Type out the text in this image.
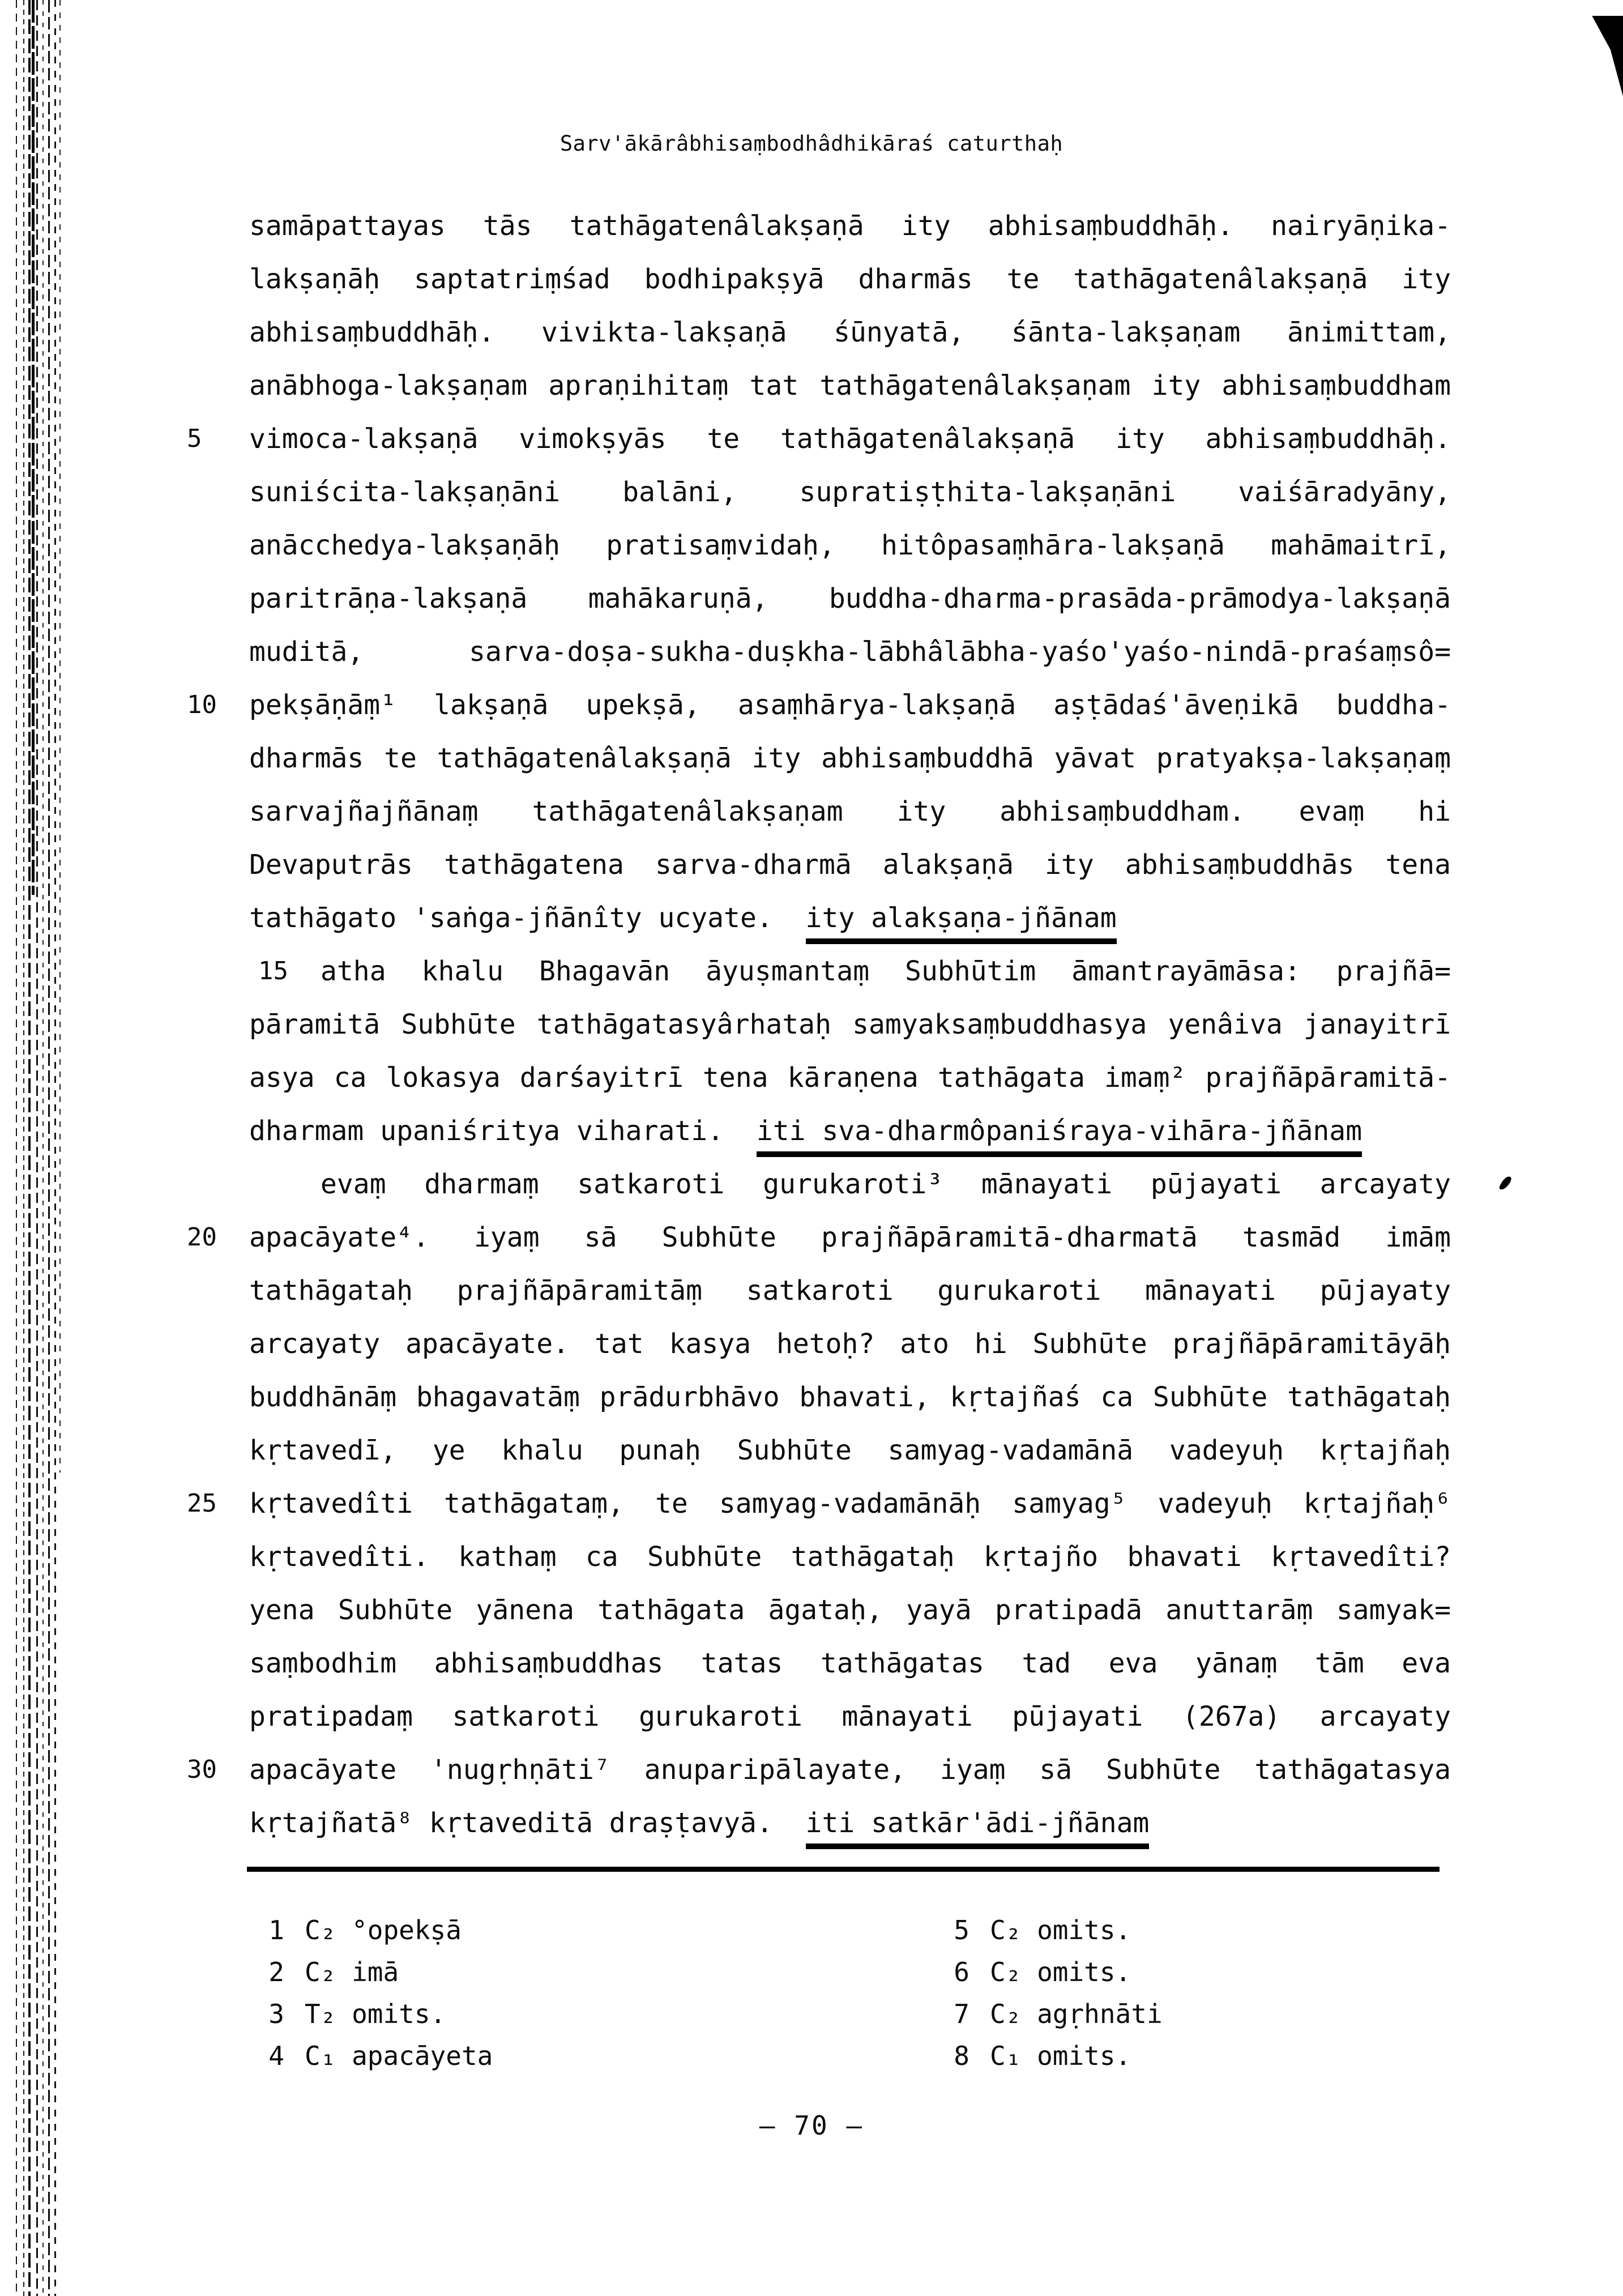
Sarv'ākārâbhisaṃbodhâdhikāraś caturthaḥ
samāpattayas tās tathāgatenâlakṣaṇā ity abhisaṃbuddhāḥ. nairyāṇika-
lakṣaṇāḥ saptatriṃśad bodhipakṣyā dharmās te tathāgatenâlakṣaṇā ity
abhisaṃbuddhāḥ. vivikta-lakṣaṇā śūnyatā, śānta-lakṣaṇam ānimittam,
anābhoga-lakṣaṇam apraṇihitaṃ tat tathāgatenâlakṣaṇam ity abhisaṃbuddham
5	vimoca-lakṣaṇā vimokṣyās te tathāgatenâlakṣaṇā ity abhisaṃbuddhāḥ.
suniścita-lakṣaṇāni balāni, supratiṣṭhita-lakṣaṇāni vaiśāradyāny,
anācchedya-lakṣaṇāḥ pratisaṃvidaḥ, hitôpasaṃhāra-lakṣaṇā mahāmaitrī,
paritrāṇa-lakṣaṇā mahākaruṇā, buddha-dharma-prasāda-prāmodya-lakṣaṇā
muditā, sarva-doṣa-sukha-duṣkha-lābhâlābha-yaśo'yaśo-nindā-praśaṃsô=
10	pekṣāṇāṃ¹ lakṣaṇā upekṣā, asaṃhārya-lakṣaṇā aṣṭādaś'āveṇikā buddha-
dharmās te tathāgatenâlakṣaṇā ity abhisaṃbuddhā yāvat pratyakṣa-lakṣaṇaṃ
sarvajñajñānaṃ tathāgatenâlakṣaṇam ity abhisaṃbuddham. evaṃ hi
Devaputrās tathāgatena sarva-dharmā alakṣaṇā ity abhisaṃbuddhās tena
tathāgato 'saṅga-jñānîty ucyate.  ity alakṣaṇa-jñānam
15 atha khalu Bhagavān āyuṣmantaṃ Subhūtim āmantrayāmāsa: prajñā=
pāramitā Subhūte tathāgatasyârhataḥ samyaksaṃbuddhasya yenâiva janayitrī
asya ca lokasya darśayitrī tena kāraṇena tathāgata imaṃ² prajñāpāramitā-
dharmam upaniśritya viharati.  iti sva-dharmôpaniśraya-vihāra-jñānam
evaṃ dharmaṃ satkaroti gurukaroti³ mānayati pūjayati arcayaty
20	apacāyate⁴. iyaṃ sā Subhūte prajñāpāramitā-dharmatā tasmād imāṃ
tathāgataḥ prajñāpāramitāṃ satkaroti gurukaroti mānayati pūjayaty
arcayaty apacāyate. tat kasya hetoḥ? ato hi Subhūte prajñāpāramitāyāḥ
buddhānāṃ bhagavatāṃ prādurbhāvo bhavati, kṛtajñaś ca Subhūte tathāgataḥ
kṛtavedī, ye khalu punaḥ Subhūte samyag-vadamānā vadeyuḥ kṛtajñaḥ
25	kṛtavedîti tathāgataṃ, te samyag-vadamānāḥ samyag⁵ vadeyuḥ kṛtajñaḥ⁶
kṛtavedîti. kathaṃ ca Subhūte tathāgataḥ kṛtajño bhavati kṛtavedîti?
yena Subhūte yānena tathāgata āgataḥ, yayā pratipadā anuttarāṃ samyak=
saṃbodhim abhisaṃbuddhas tatas tathāgatas tad eva yānaṃ tām eva
pratipadaṃ satkaroti gurukaroti mānayati pūjayati (267a) arcayaty
30	apacāyate 'nugṛhṇāti⁷ anuparipālayate, iyaṃ sā Subhūte tathāgatasya
kṛtajñatā⁸ kṛtaveditā draṣṭavyā.  iti satkār'ādi-jñānam
1 C₂ °opekṣā
2 C₂ imā
3 T₂ omits.
4 C₁ apacāyeta
5 C₂ omits.
6 C₂ omits.
7 C₂ agṛhnāti
8 C₁ omits.
— 70 —
